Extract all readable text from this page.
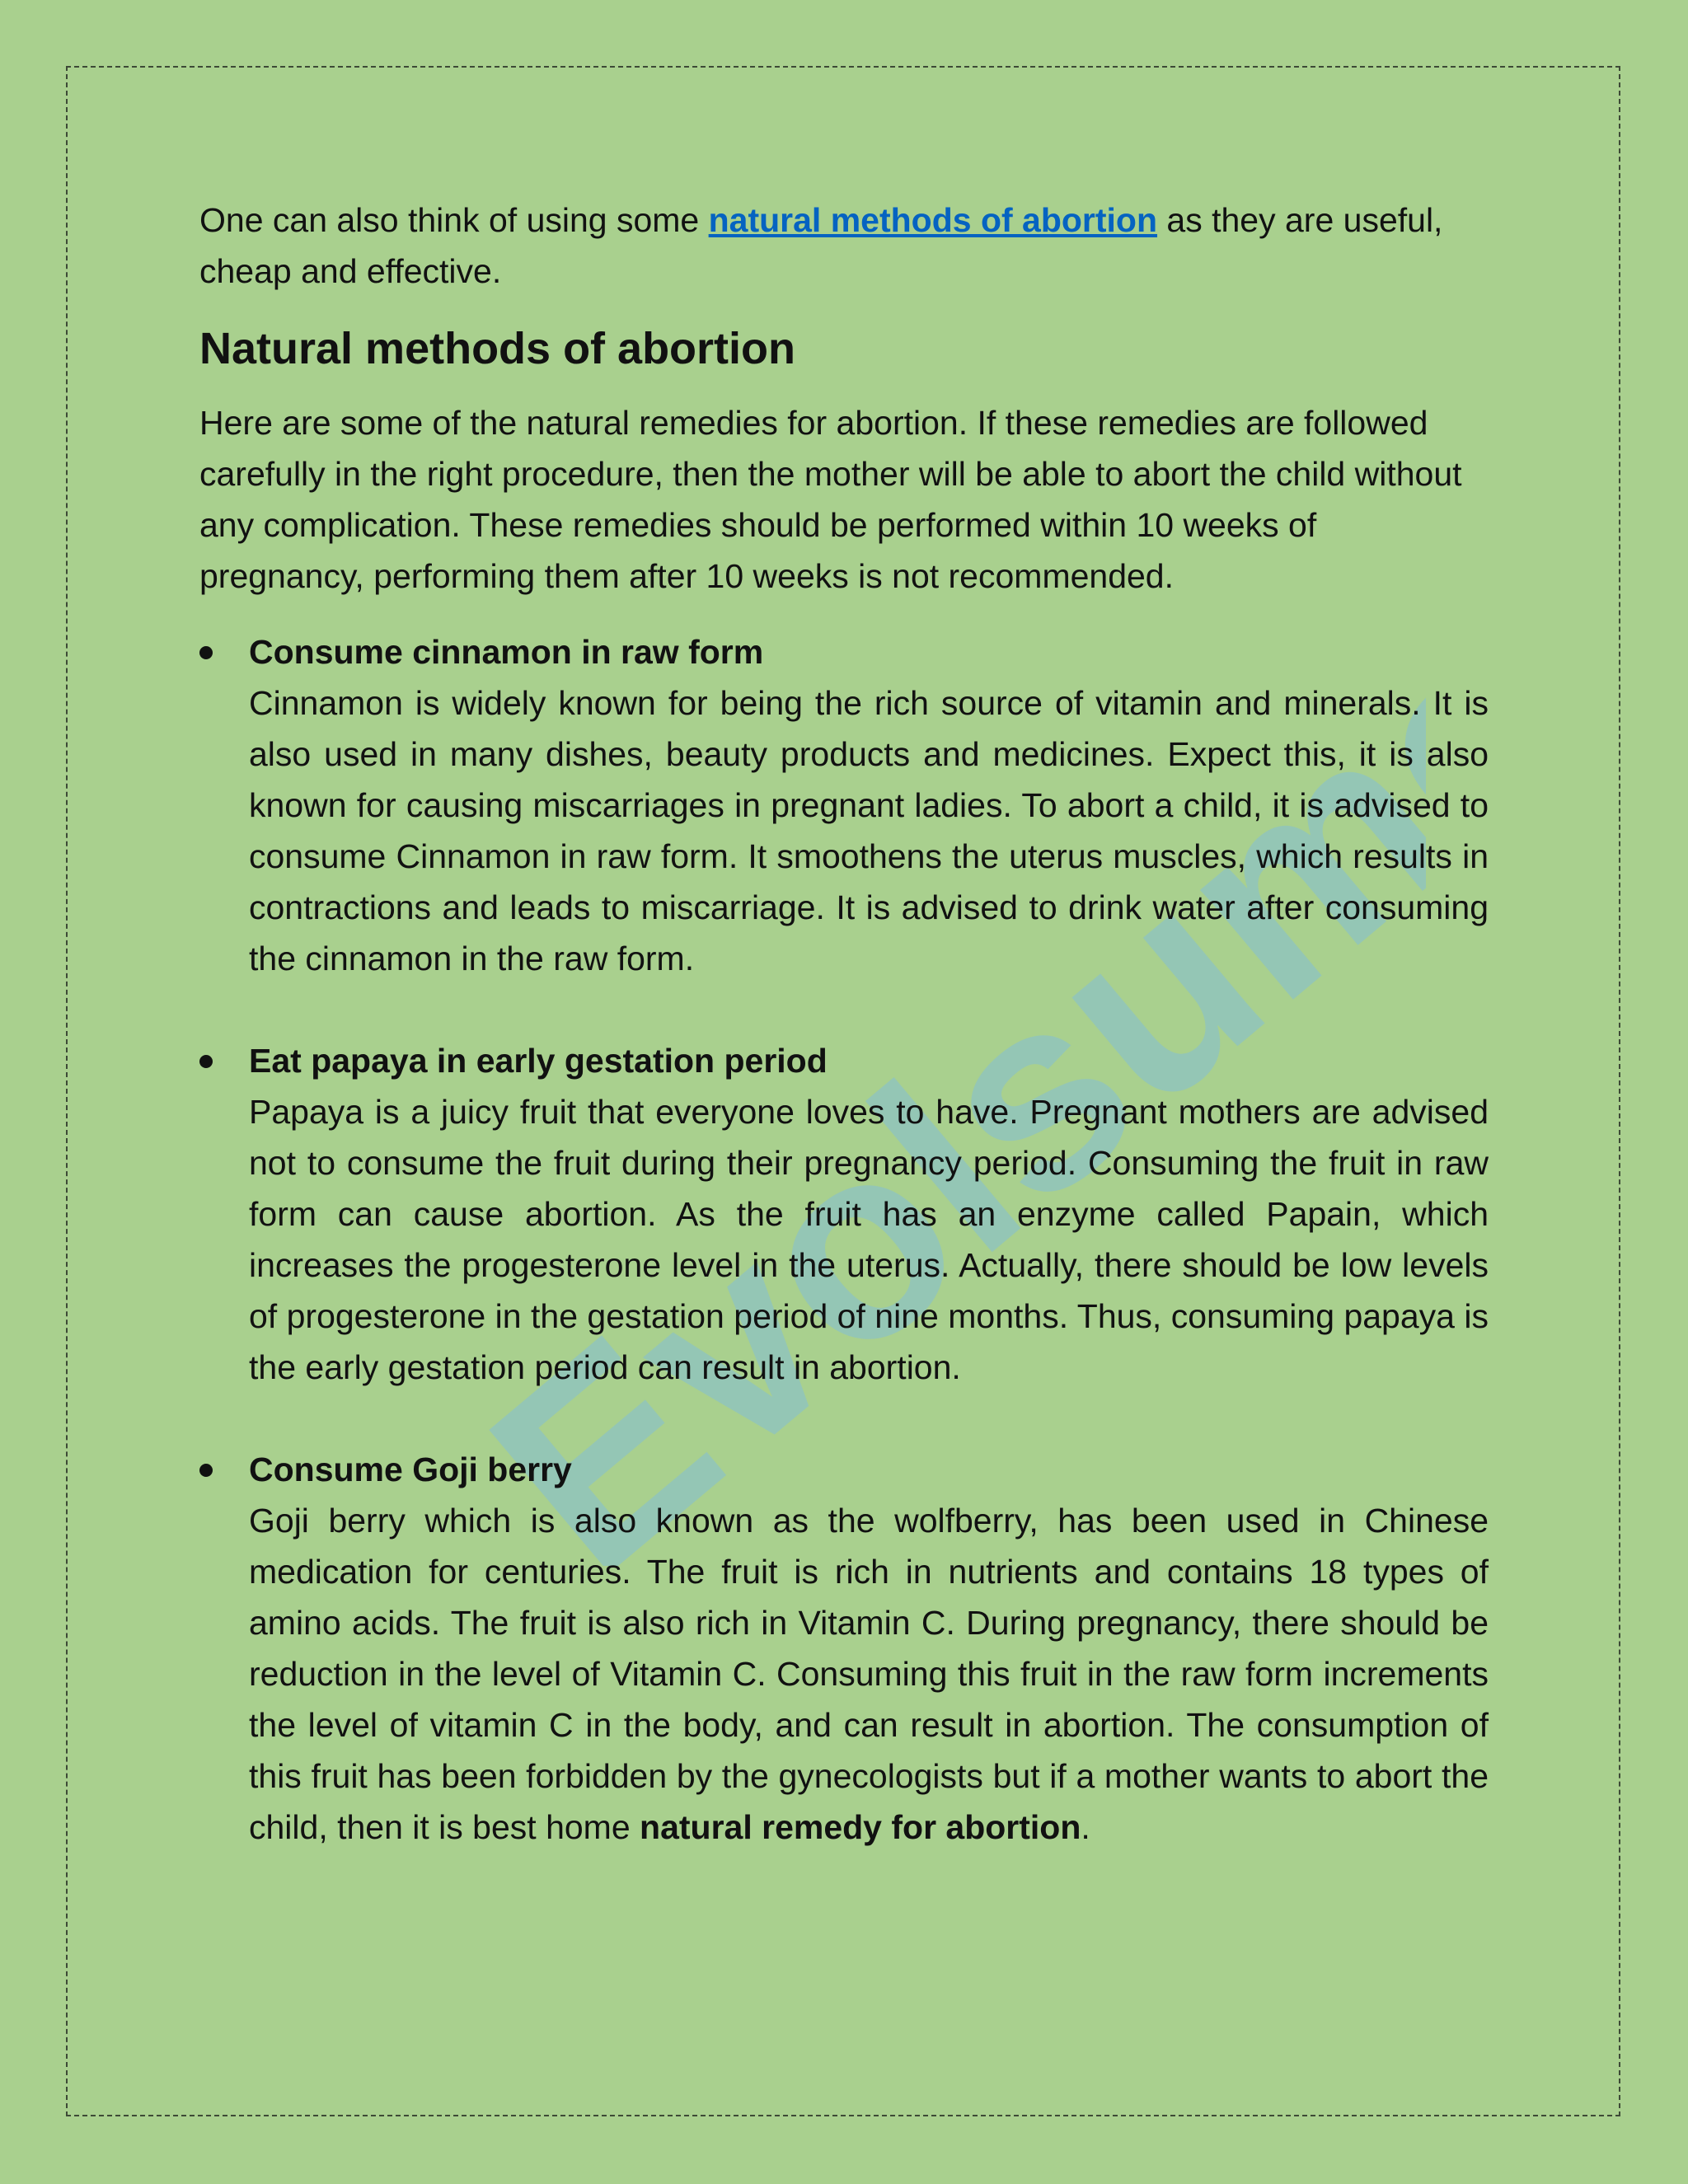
Evolsumo

One can also think of using some natural methods of abortion as they are useful, cheap and effective.

Natural methods of abortion

Here are some of the natural remedies for abortion. If these remedies are followed carefully in the right procedure, then the mother will be able to abort the child without any complication. These remedies should be performed within 10 weeks of pregnancy, performing them after 10 weeks is not recommended.

Consume cinnamon in raw form
Cinnamon is widely known for being the rich source of vitamin and minerals. It is also used in many dishes, beauty products and medicines. Expect this, it is also known for causing miscarriages in pregnant ladies. To abort a child, it is advised to consume Cinnamon in raw form. It smoothens the uterus muscles, which results in contractions and leads to miscarriage. It is advised to drink water after consuming the cinnamon in the raw form.
Eat papaya in early gestation period
Papaya is a juicy fruit that everyone loves to have. Pregnant mothers are advised not to consume the fruit during their pregnancy period. Consuming the fruit in raw form can cause abortion. As the fruit has an enzyme called Papain, which increases the progesterone level in the uterus. Actually, there should be low levels of progesterone in the gestation period of nine months. Thus, consuming papaya is the early gestation period can result in abortion.
Consume Goji berry
Goji berry which is also known as the wolfberry, has been used in Chinese medication for centuries. The fruit is rich in nutrients and contains 18 types of amino acids. The fruit is also rich in Vitamin C. During pregnancy, there should be reduction in the level of Vitamin C. Consuming this fruit in the raw form increments the level of vitamin C in the body, and can result in abortion. The consumption of this fruit has been forbidden by the gynecologists but if a mother wants to abort the child, then it is best home natural remedy for abortion.
